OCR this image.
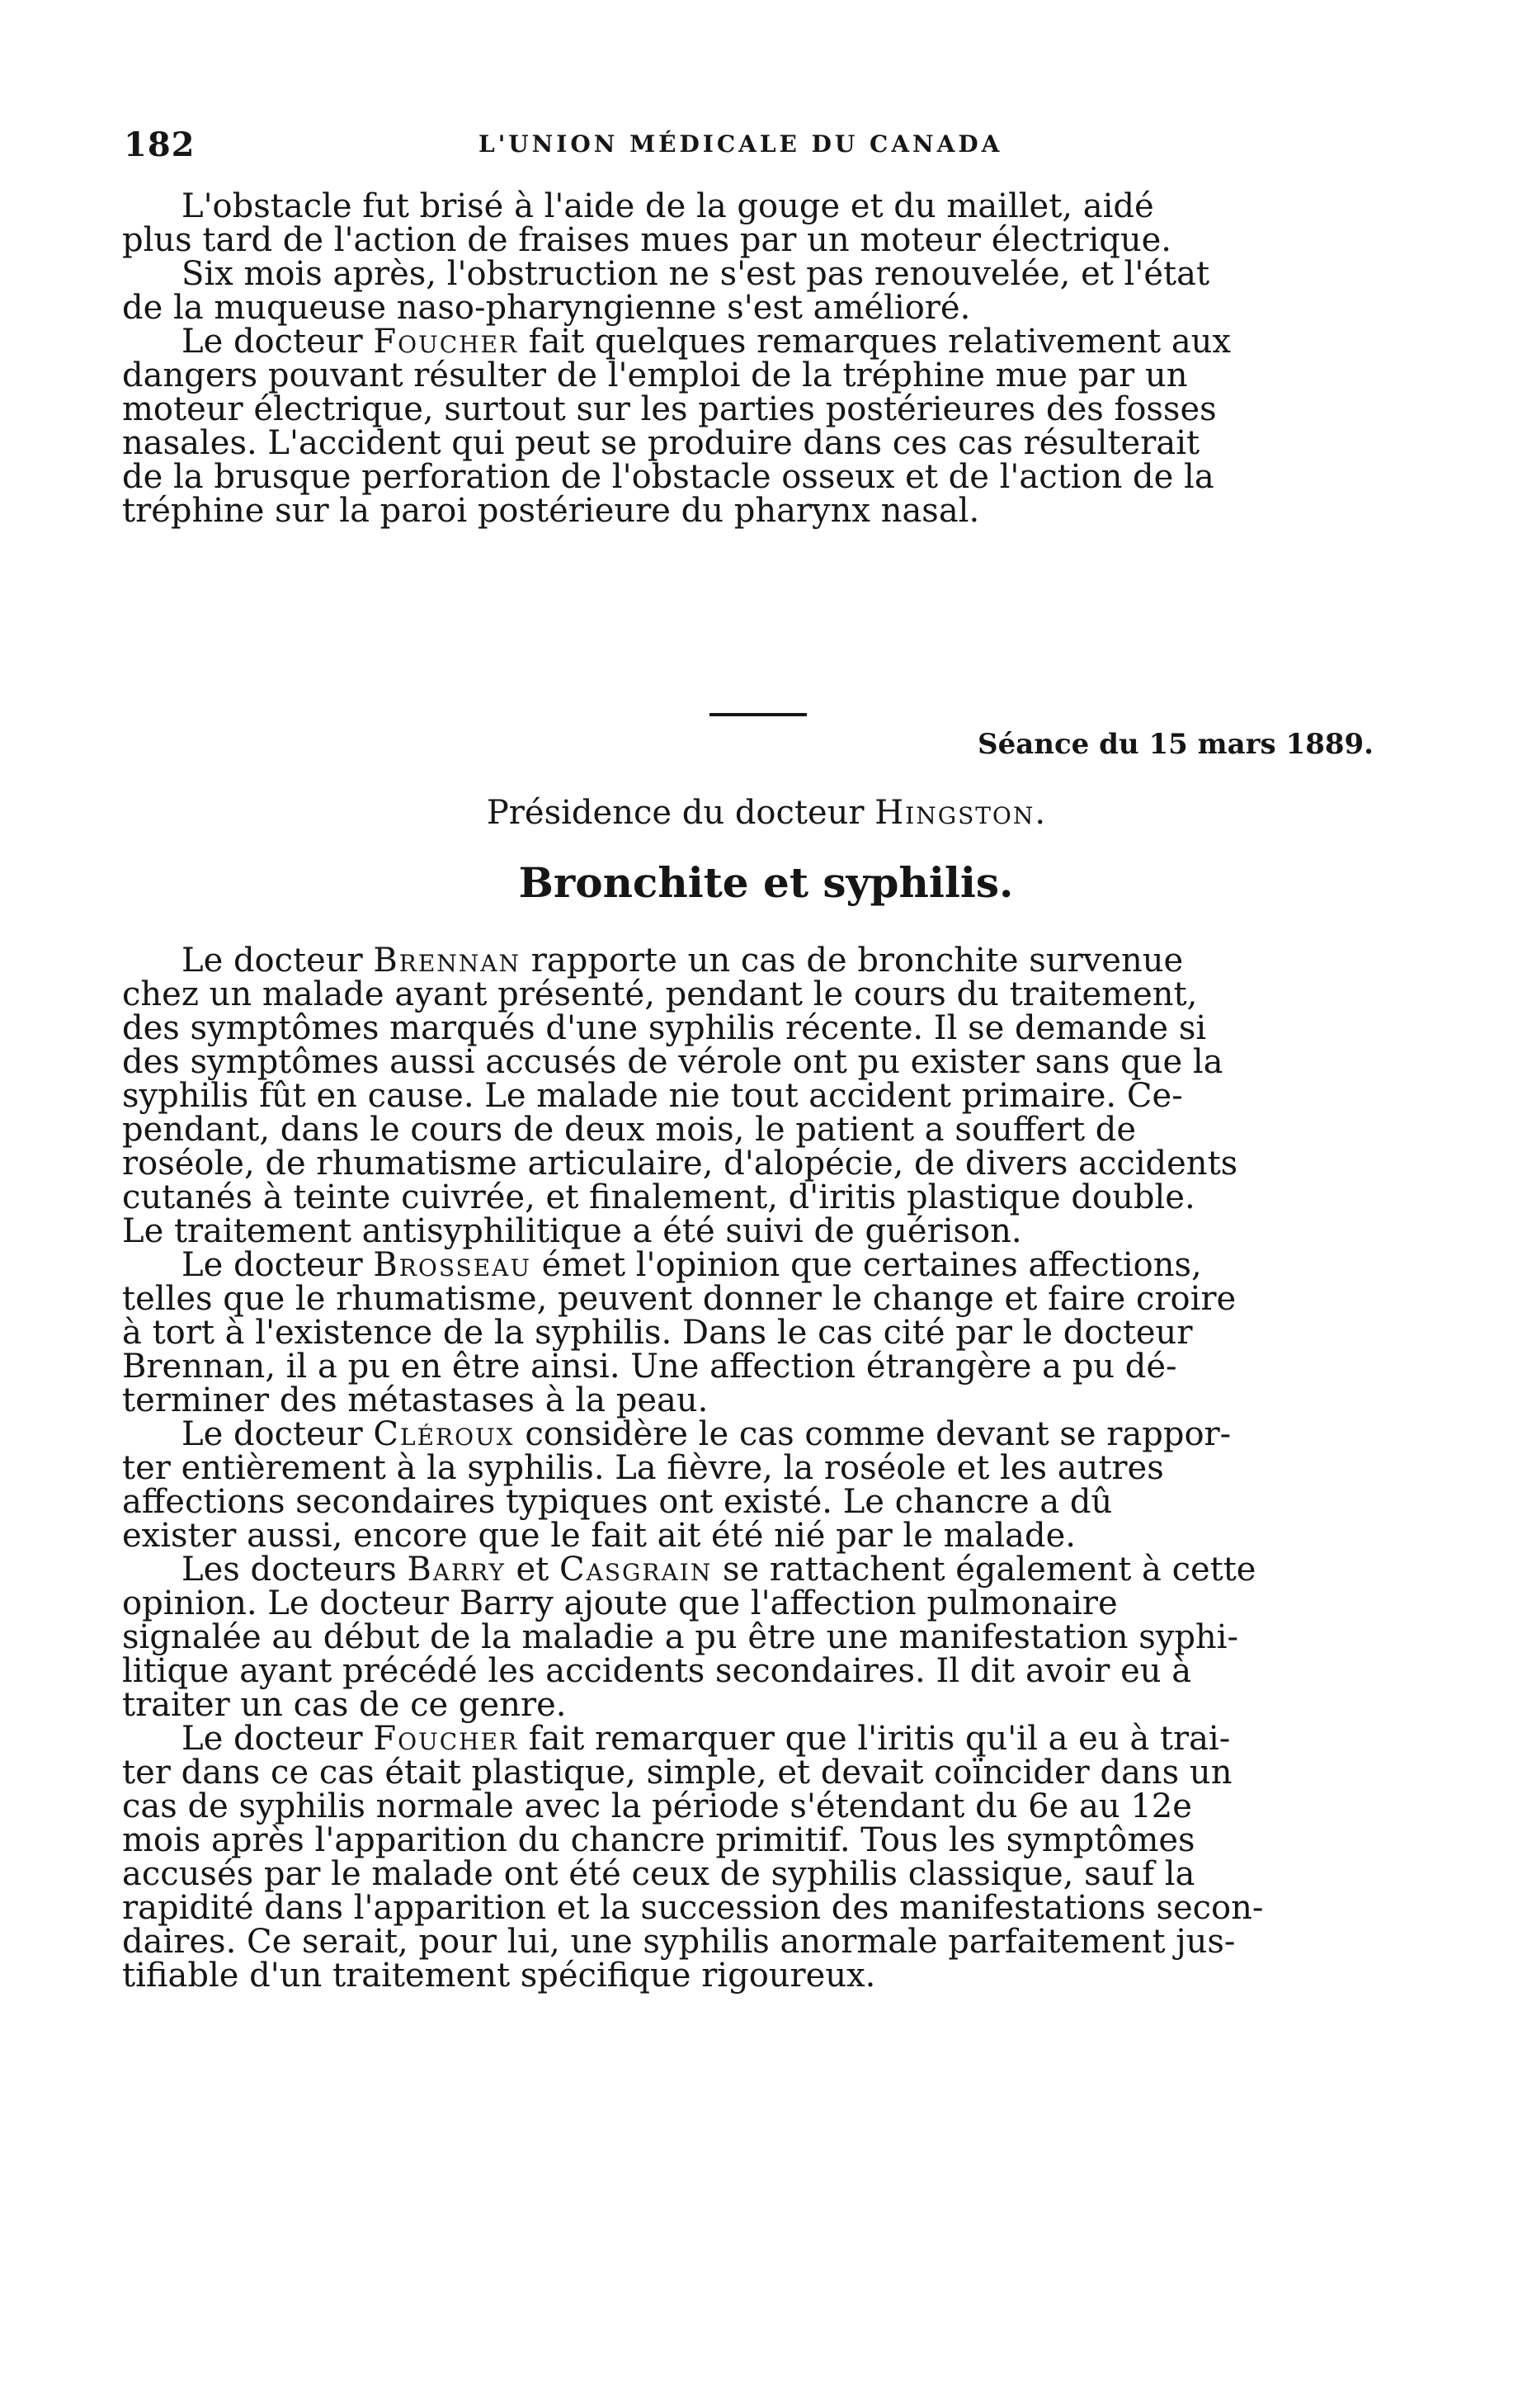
182	L'UNION MÉDICALE DU CANADA
L'obstacle fut brisé à l'aide de la gouge et du maillet, aidé
plus tard de l'action de fraises mues par un moteur électrique.
Six mois après, l'obstruction ne s'est pas renouvelée, et l'état
de la muqueuse naso-pharyngienne s'est amélioré.
Le docteur Foucher fait quelques remarques relativement aux
dangers pouvant résulter de l'emploi de la tréphine mue par un
moteur électrique, surtout sur les parties postérieures des fosses
nasales. L'accident qui peut se produire dans ces cas résulterait
de la brusque perforation de l'obstacle osseux et de l'action de la
tréphine sur la paroi postérieure du pharynx nasal.
Séance du 15 mars 1889.
Présidence du docteur Hingston.
Bronchite et syphilis.
Le docteur Brennan rapporte un cas de bronchite survenue
chez un malade ayant présenté, pendant le cours du traitement,
des symptômes marqués d'une syphilis récente. Il se demande si
des symptômes aussi accusés de vérole ont pu exister sans que la
syphilis fût en cause. Le malade nie tout accident primaire. Ce-
pendant, dans le cours de deux mois, le patient a souffert de
roséole, de rhumatisme articulaire, d'alopécie, de divers accidents
cutanés à teinte cuivrée, et finalement, d'iritis plastique double.
Le traitement antisyphilitique a été suivi de guérison.
Le docteur Brosseau émet l'opinion que certaines affections,
telles que le rhumatisme, peuvent donner le change et faire croire
à tort à l'existence de la syphilis. Dans le cas cité par le docteur
Brennan, il a pu en être ainsi. Une affection étrangère a pu dé-
terminer des métastases à la peau.
Le docteur Cléroux considère le cas comme devant se rappor-
ter entièrement à la syphilis. La fièvre, la roséole et les autres
affections secondaires typiques ont existé. Le chancre a dû
exister aussi, encore que le fait ait été nié par le malade.
Les docteurs Barry et Casgrain se rattachent également à cette
opinion. Le docteur Barry ajoute que l'affection pulmonaire
signalée au début de la maladie a pu être une manifestation syphi-
litique ayant précédé les accidents secondaires. Il dit avoir eu à
traiter un cas de ce genre.
Le docteur Foucher fait remarquer que l'iritis qu'il a eu à trai-
ter dans ce cas était plastique, simple, et devait coïncider dans un
cas de syphilis normale avec la période s'étendant du 6e au 12e
mois après l'apparition du chancre primitif. Tous les symptômes
accusés par le malade ont été ceux de syphilis classique, sauf la
rapidité dans l'apparition et la succession des manifestations secon-
daires. Ce serait, pour lui, une syphilis anormale parfaitement jus-
tifiable d'un traitement spécifique rigoureux.
